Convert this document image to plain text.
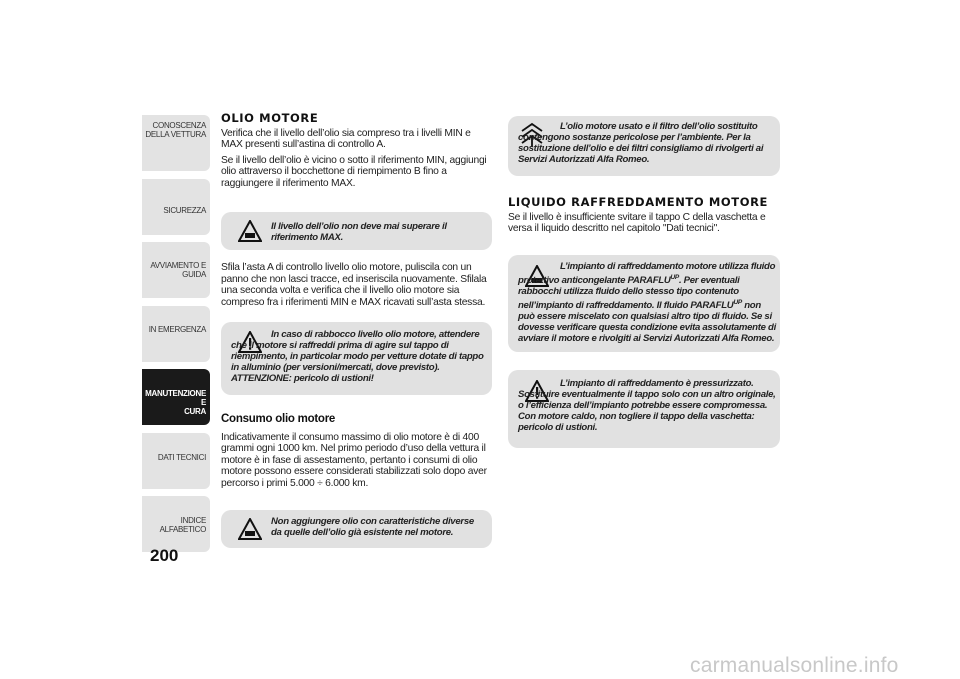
CONOSCENZA
DELLA VETTURA
SICUREZZA
AVVIAMENTO E
GUIDA
IN EMERGENZA
MANUTENZIONE E
CURA
DATI TECNICI
INDICE ALFABETICO
200
OLIO MOTORE

Verifica che il livello dell’olio sia compreso tra i livelli MIN e MAX presenti sull’astina di controllo A.

Se il livello dell’olio è vicino o sotto il riferimento MIN, aggiungi olio attraverso il bocchettone di riempimento B fino a raggiungere il riferimento MAX.

Il livello dell’olio non deve mai superare il riferimento MAX.

Sfila l’asta A di controllo livello olio motore, puliscila con un panno che non lasci tracce, ed inseriscila nuovamente. Sfilala una seconda volta e verifica che il livello olio motore sia compreso fra i riferimenti MIN e MAX ricavati sull’asta stessa.

In caso di rabbocco livello olio motore, attendere che il motore si raffreddi prima di agire sul tappo di riempimento, in particolar modo per vetture dotate di tappo in alluminio (per versioni/mercati, dove previsto). ATTENZIONE: pericolo di ustioni!
Consumo olio motore

Indicativamente il consumo massimo di olio motore è di 400 grammi ogni 1000 km. Nel primo periodo d’uso della vettura il motore è in fase di assestamento, pertanto i consumi di olio motore possono essere considerati stabilizzati solo dopo aver percorso i primi 5.000 ÷ 6.000 km.

Non aggiungere olio con caratteristiche diverse da quelle dell’olio già esistente nel motore.
L’olio motore usato e il filtro dell’olio sostituito contengono sostanze pericolose per l’ambiente. Per la sostituzione dell’olio e dei filtri consigliamo di rivolgerti ai Servizi Autorizzati Alfa Romeo.
LIQUIDO RAFFREDDAMENTO MOTORE

Se il livello è insufficiente svitare il tappo C della vaschetta e versa il liquido descritto nel capitolo "Dati tecnici".

L’impianto di raffreddamento motore utilizza fluido protettivo anticongelante $PARAFLU^{UP}$. Per eventuali rabbocchi utilizza fluido dello stesso tipo contenuto nell’impianto di raffreddamento. Il fluido $PARAFLU^{UP}$ non può essere miscelato con qualsiasi altro tipo di fluido. Se si dovesse verificare questa condizione evita assolutamente di avviare il motore e rivolgiti ai Servizi Autorizzati Alfa Romeo.
L’impianto di raffreddamento è pressurizzato. Sostituire eventualmente il tappo solo con un altro originale, o l’efficienza dell’impianto potrebbe essere compromessa. Con motore caldo, non togliere il tappo della vaschetta: pericolo di ustioni.
carmanualsonline.info
